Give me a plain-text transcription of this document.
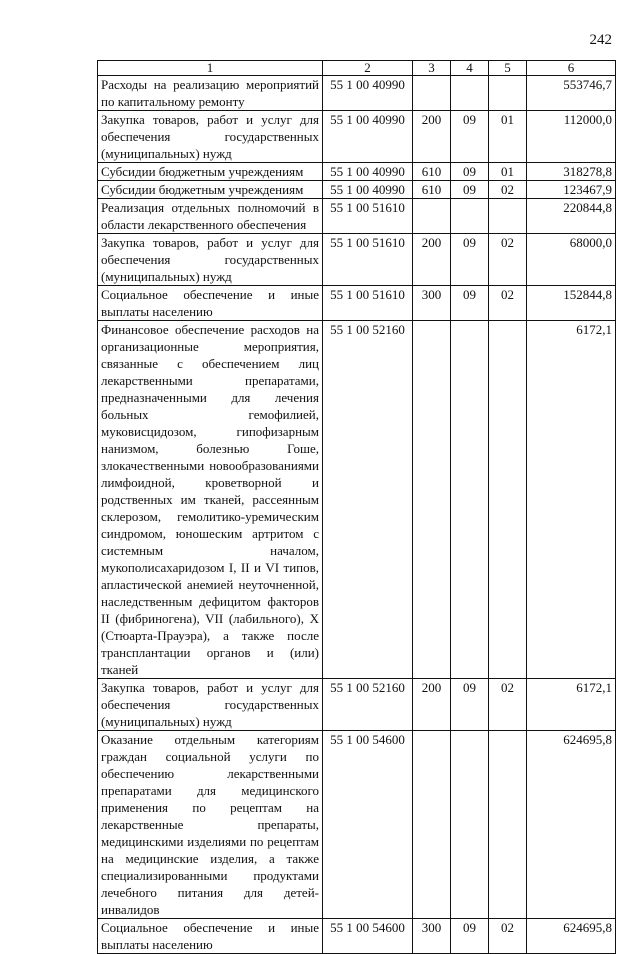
242
1	2	3	4	5	6
Расходы на реализацию мероприятий по капитальному ремонту	55 1 00 40990				553746,7
Закупка товаров, работ и услуг для обеспечения государственных (муниципальных) нужд	55 1 00 40990	200	09	01	112000,0
Субсидии бюджетным учреждениям	55 1 00 40990	610	09	01	318278,8
Субсидии бюджетным учреждениям	55 1 00 40990	610	09	02	123467,9
Реализация отдельных полномочий в области лекарственного обеспечения	55 1 00 51610				220844,8
Закупка товаров, работ и услуг для обеспечения государственных (муниципальных) нужд	55 1 00 51610	200	09	02	68000,0
Социальное обеспечение и иные выплаты населению	55 1 00 51610	300	09	02	152844,8
Финансовое обеспечение расходов на организационные мероприятия, связанные с обеспечением лиц лекарственными препаратами, предназначенными для лечения больных гемофилией, муковисцидозом, гипофизарным нанизмом, болезнью Гоше, злокачественными новообразованиями лимфоидной, кроветворной и родственных им тканей, рассеянным склерозом, гемолитико-уремическим синдромом, юношеским артритом с системным началом, мукополисахаридозом I, II и VI типов, апластической анемией неуточненной, наследственным дефицитом факторов II (фибриногена), VII (лабильного), X (Стюарта-Прауэра), а также после трансплантации органов и (или) тканей	55 1 00 52160				6172,1
Закупка товаров, работ и услуг для обеспечения государственных (муниципальных) нужд	55 1 00 52160	200	09	02	6172,1
Оказание отдельным категориям граждан социальной услуги по обеспечению лекарственными препаратами для медицинского применения по рецептам на лекарственные препараты, медицинскими изделиями по рецептам на медицинские изделия, а также специализированными продуктами лечебного питания для детей-инвалидов	55 1 00 54600				624695,8
Социальное обеспечение и иные выплаты населению	55 1 00 54600	300	09	02	624695,8
